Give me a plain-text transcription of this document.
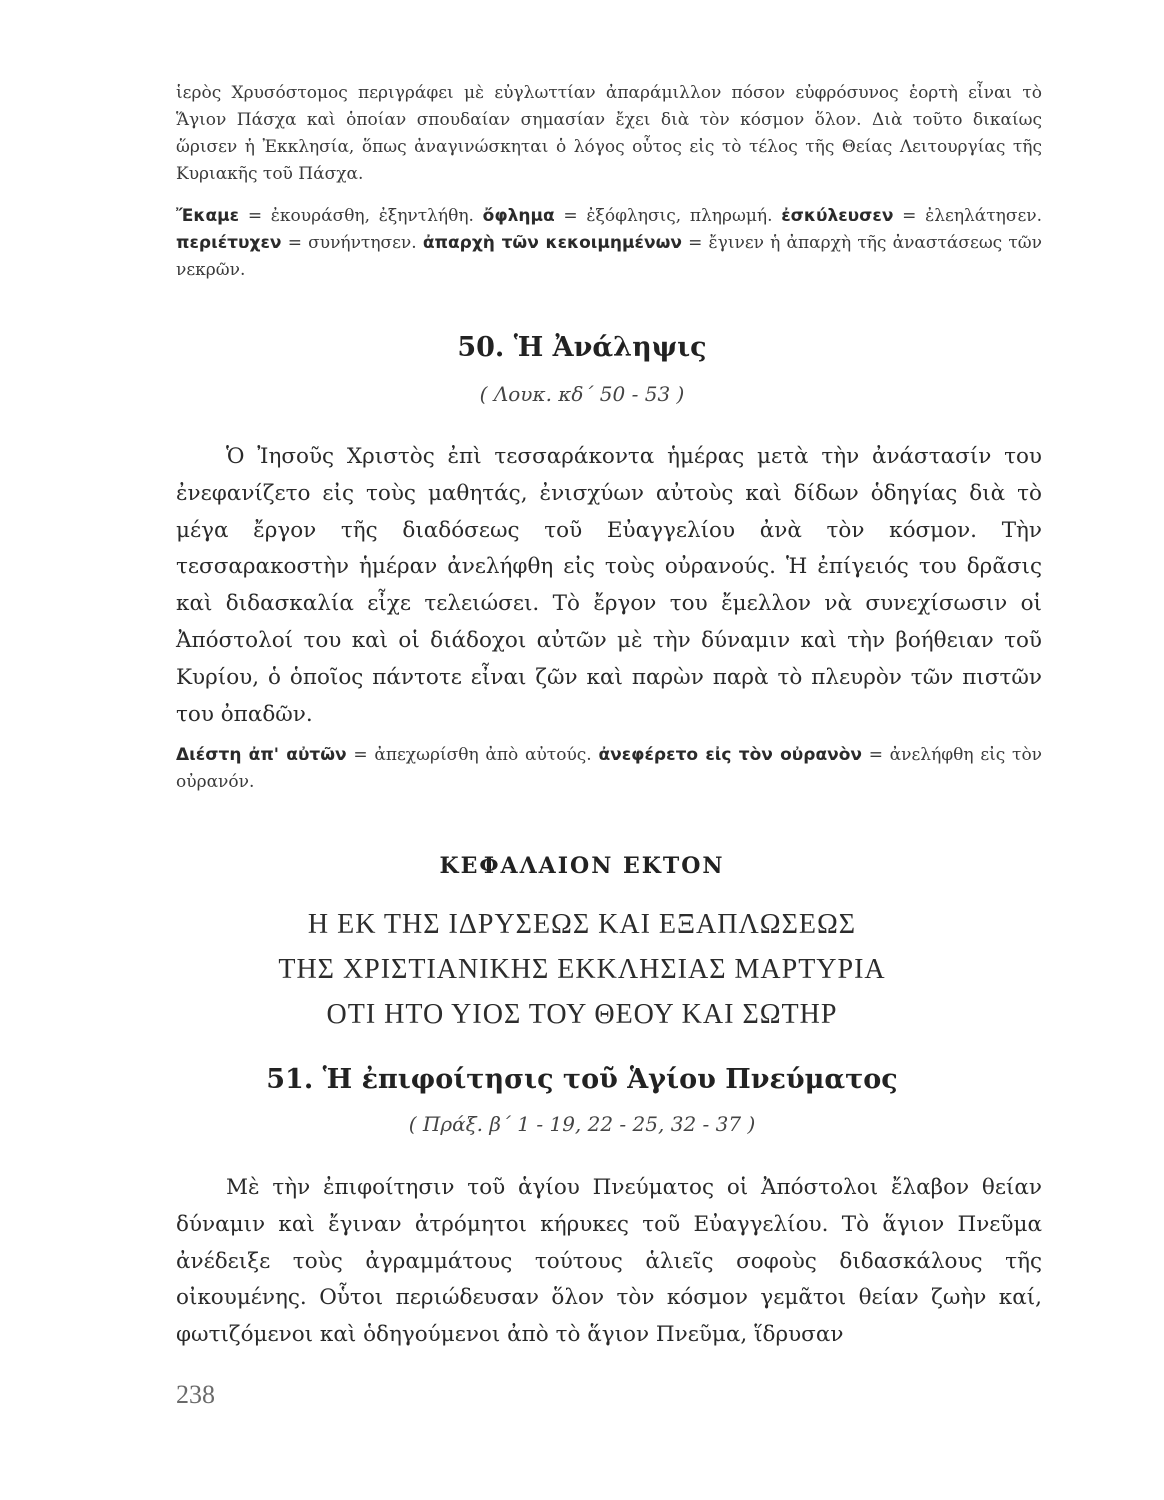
ἱερὸς Χρυσόστομος περιγράφει μὲ εὐγλωττίαν ἀπαράμιλλον πόσον εὐφρόσυνος ἑορτὴ εἶναι τὸ Ἅγιον Πάσχα καὶ ὁποίαν σπουδαίαν σημασίαν ἔχει διὰ τὸν κόσμον ὅλον. Διὰ τοῦτο δικαίως ὥρισεν ἡ Ἐκκλησία, ὅπως ἀναγινώσκηται ὁ λόγος οὗτος εἰς τὸ τέλος τῆς Θείας Λειτουργίας τῆς Κυριακῆς τοῦ Πάσχα.

Ἔκαμε = ἐκουράσθη, ἐξηντλήθη. ὄφλημα = ἐξόφλησις, πληρωμή. ἐσκύλευσεν = ἐλεηλάτησεν. περιέτυχεν = συνήντησεν. ἀπαρχὴ τῶν κεκοιμημένων = ἔγινεν ἡ ἀπαρχὴ τῆς ἀναστάσεως τῶν νεκρῶν.

50. Ἡ Ἀνάληψις

( Λουκ. κδ΄ 50 - 53 )

Ὁ Ἰησοῦς Χριστὸς ἐπὶ τεσσαράκοντα ἡμέρας μετὰ τὴν ἀνάστασίν του ἐνεφανίζετο εἰς τοὺς μαθητάς, ἐνισχύων αὐτοὺς καὶ δίδων ὁδηγίας διὰ τὸ μέγα ἔργον τῆς διαδόσεως τοῦ Εὐαγγελίου ἀνὰ τὸν κόσμον. Τὴν τεσσαρακοστὴν ἡμέραν ἀνελήφθη εἰς τοὺς οὐρανούς. Ἡ ἐπίγειός του δρᾶσις καὶ διδασκαλία εἶχε τελειώσει. Τὸ ἔργον του ἔμελλον νὰ συνεχίσωσιν οἱ Ἀπόστολοί του καὶ οἱ διάδοχοι αὐτῶν μὲ τὴν δύναμιν καὶ τὴν βοήθειαν τοῦ Κυρίου, ὁ ὁποῖος πάντοτε εἶναι ζῶν καὶ παρὼν παρὰ τὸ πλευρὸν τῶν πιστῶν του ὀπαδῶν.

Διέστη ἀπ' αὐτῶν = ἀπεχωρίσθη ἀπὸ αὐτούς. ἀνεφέρετο εἰς τὸν οὐρανὸν = ἀνελήφθη εἰς τὸν οὐρανόν.

ΚΕΦΑΛΑΙΟΝ ΕΚΤΟΝ

Η ΕΚ ΤΗΣ ΙΔΡΥΣΕΩΣ ΚΑΙ ΕΞΑΠΛΩΣΕΩΣ

ΤΗΣ ΧΡΙΣΤΙΑΝΙΚΗΣ ΕΚΚΛΗΣΙΑΣ ΜΑΡΤΥΡΙΑ

ΟΤΙ ΗΤΟ ΥΙΟΣ ΤΟΥ ΘΕΟΥ ΚΑΙ ΣΩΤΗΡ

51. Ἡ ἐπιφοίτησις τοῦ Ἁγίου Πνεύματος

( Πράξ. β΄ 1 - 19, 22 - 25, 32 - 37 )

Μὲ τὴν ἐπιφοίτησιν τοῦ ἁγίου Πνεύματος οἱ Ἀπόστολοι ἔλαβον θείαν δύναμιν καὶ ἔγιναν ἀτρόμητοι κήρυκες τοῦ Εὐαγγελίου. Τὸ ἅγιον Πνεῦμα ἀνέδειξε τοὺς ἀγραμμάτους τούτους ἁλιεῖς σοφοὺς διδασκάλους τῆς οἰκουμένης. Οὗτοι περιώδευσαν ὅλον τὸν κόσμον γεμᾶτοι θείαν ζωὴν καί, φωτιζόμενοι καὶ ὁδηγούμενοι ἀπὸ τὸ ἅγιον Πνεῦμα, ἵδρυσαν

238
